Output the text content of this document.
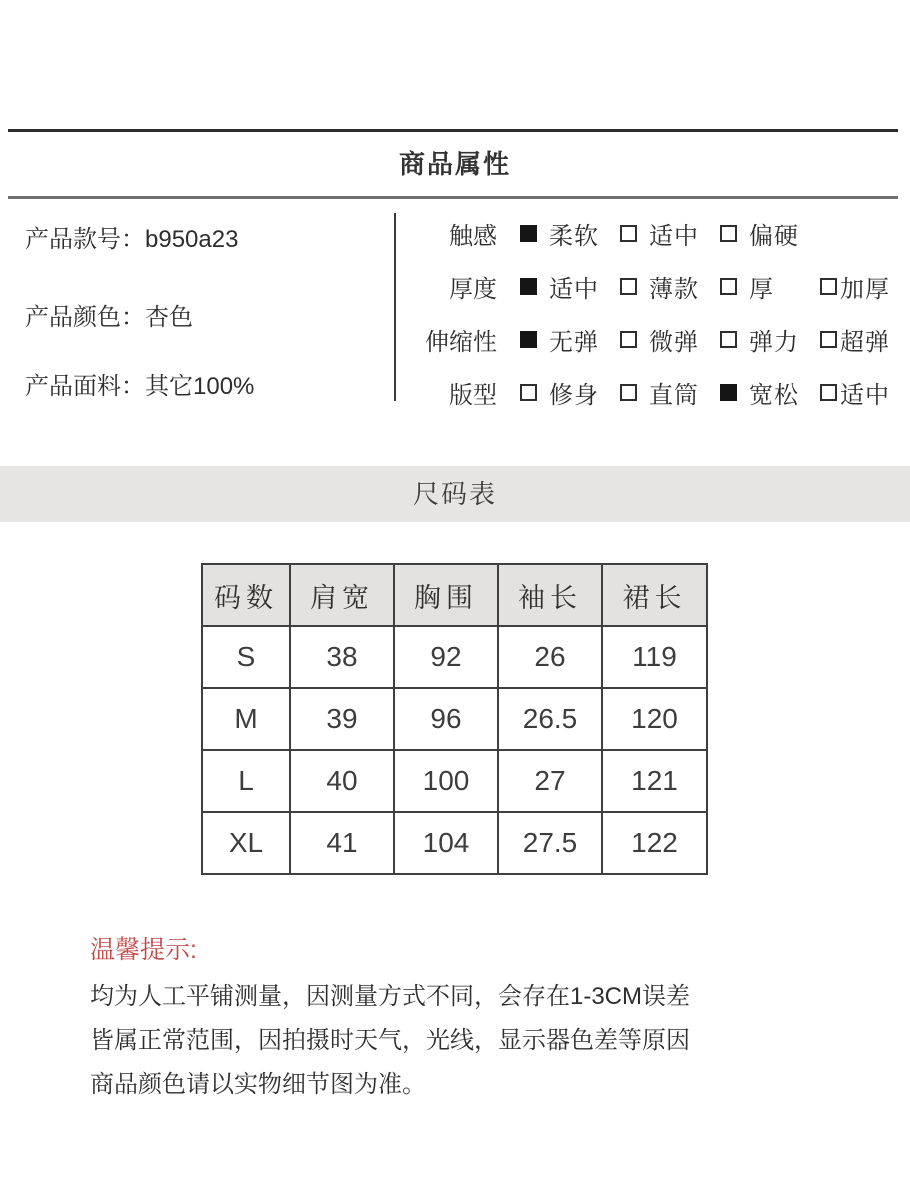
商品属性
产品款号：b950a23
产品颜色：杏色
产品面料：其它100%
触感 柔软 适中 偏硬
厚度 适中 薄款 厚	加厚
伸缩性 无弹 微弹 弹力 超弹
版型 修身 直筒 宽松 适中
尺码表
码数	肩宽	胸围	袖长	裙长
S	38	92	26	119
M	39	96	26.5	120
L	40	100	27	121
XL	41	104	27.5	122
温馨提示:
均为人工平铺测量，因测量方式不同，会存在1-3CM误差
皆属正常范围，因拍摄时天气，光线，显示器色差等原因
商品颜色请以实物细节图为准。
